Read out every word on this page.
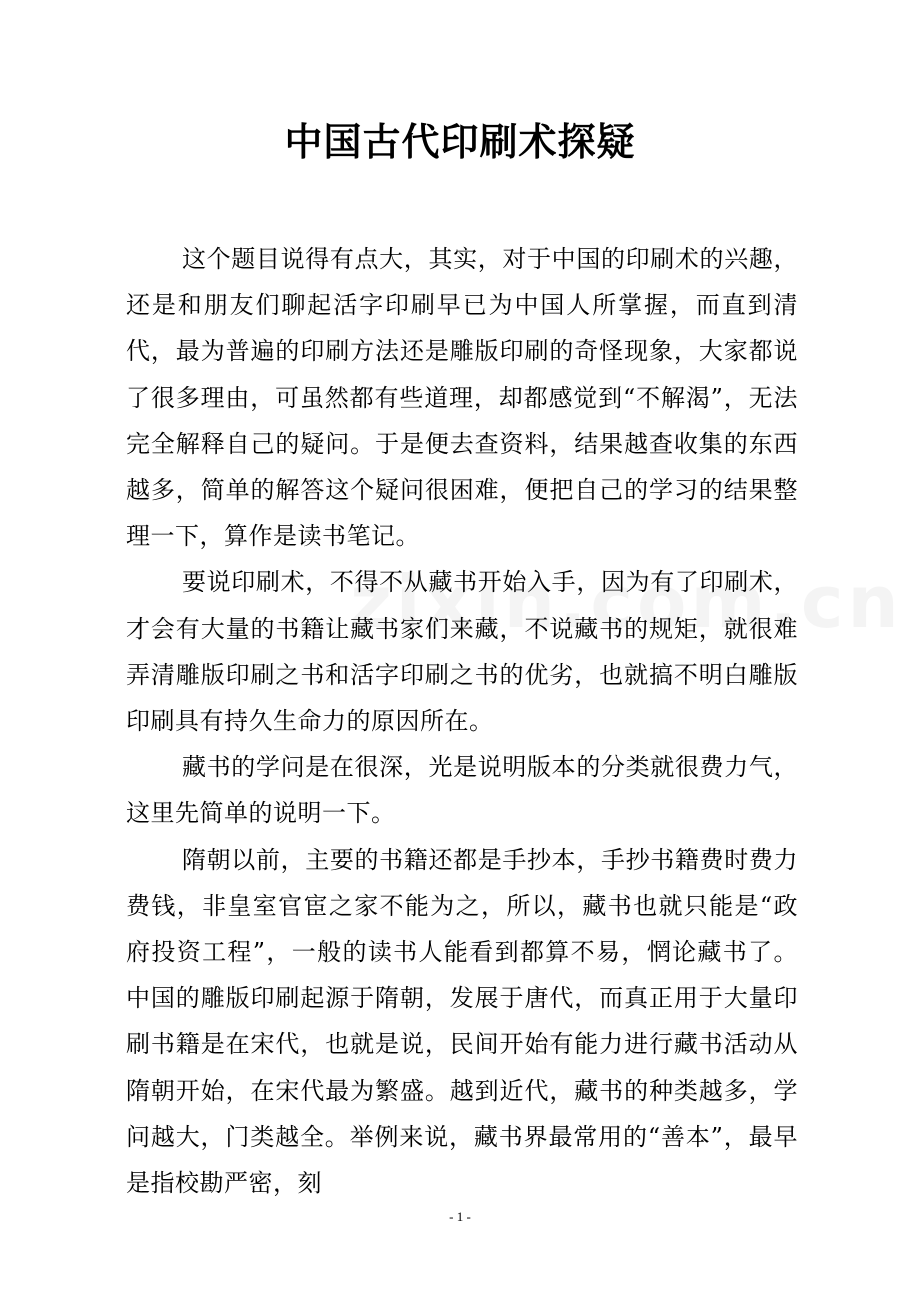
中国古代印刷术探疑

这个题目说得有点大，其实，对于中国的印刷术的兴趣，还是和朋友们聊起活字印刷早已为中国人所掌握，而直到清代，最为普遍的印刷方法还是雕版印刷的奇怪现象，大家都说了很多理由，可虽然都有些道理，却都感觉到“不解渴”，无法完全解释自己的疑问。于是便去查资料，结果越查收集的东西越多，简单的解答这个疑问很困难，便把自己的学习的结果整理一下，算作是读书笔记。

要说印刷术，不得不从藏书开始入手，因为有了印刷术，才会有大量的书籍让藏书家们来藏，不说藏书的规矩，就很难弄清雕版印刷之书和活字印刷之书的优劣，也就搞不明白雕版印刷具有持久生命力的原因所在。

藏书的学问是在很深，光是说明版本的分类就很费力气，这里先简单的说明一下。

隋朝以前，主要的书籍还都是手抄本，手抄书籍费时费力费钱，非皇室官宦之家不能为之，所以，藏书也就只能是“政府投资工程”，一般的读书人能看到都算不易，惘论藏书了。中国的雕版印刷起源于隋朝，发展于唐代，而真正用于大量印刷书籍是在宋代，也就是说，民间开始有能力进行藏书活动从隋朝开始，在宋代最为繁盛。越到近代，藏书的种类越多，学问越大，门类越全。举例来说，藏书界最常用的“善本”，最早是指校勘严密，刻

- 1 -
